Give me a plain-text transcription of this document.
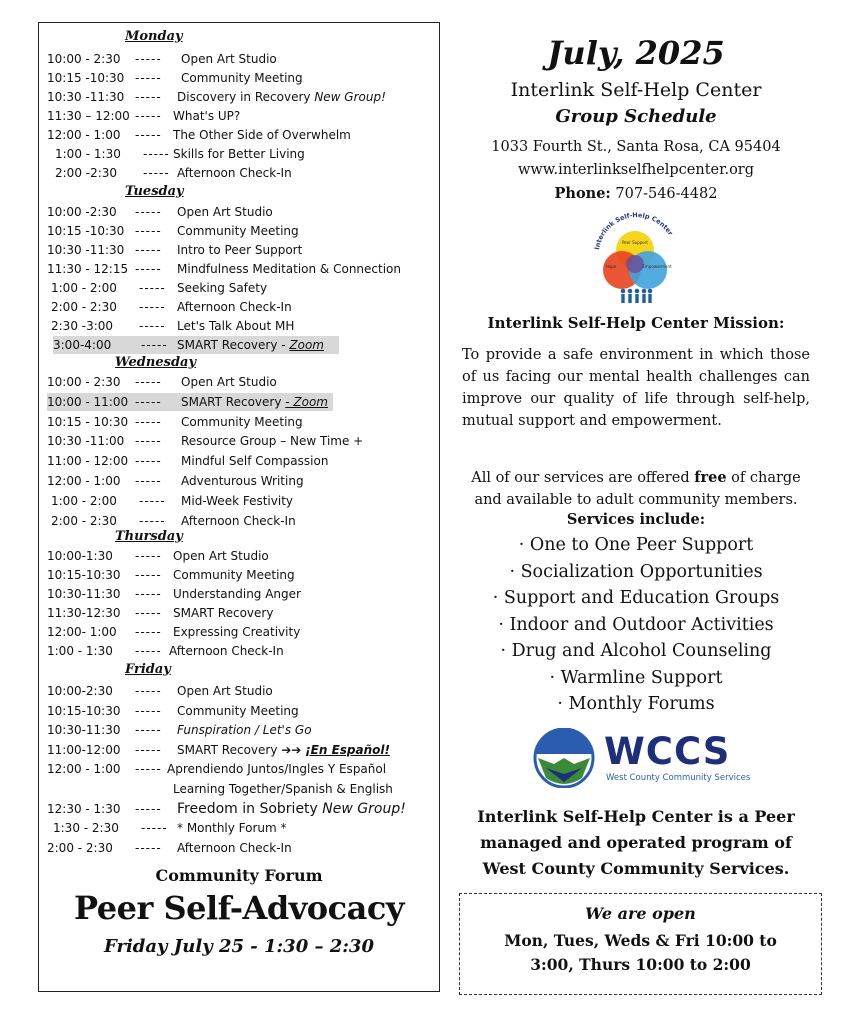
Monday
10:00 - 2:30 ----- Open Art Studio
10:15 -10:30 ----- Community Meeting
10:30 -11:30 ----- Discovery in Recovery New Group!
11:30 – 12:00 ----- What's UP?
12:00 - 1:00 ----- The Other Side of Overwhelm
1:00 - 1:30 ----- Skills for Better Living
2:00 -2:30 ----- Afternoon Check-In
Tuesday
10:00 -2:30 ----- Open Art Studio
10:15 -10:30 ----- Community Meeting
10:30 -11:30 ----- Intro to Peer Support
11:30 - 12:15 ----- Mindfulness Meditation & Connection
1:00 - 2:00 ----- Seeking Safety
2:00 - 2:30 ----- Afternoon Check-In
2:30 -3:00 ----- Let's Talk About MH
3:00-4:00 ----- SMART Recovery - Zoom
Wednesday
10:00 - 2:30 ----- Open Art Studio
10:00 - 11:00 ----- SMART Recovery - Zoom
10:15 - 10:30 ----- Community Meeting
10:30 -11:00 ----- Resource Group – New Time +
11:00 - 12:00 ----- Mindful Self Compassion
12:00 - 1:00 ----- Adventurous Writing
1:00 - 2:00 ----- Mid-Week Festivity
2:00 - 2:30 ----- Afternoon Check-In
Thursday
10:00-1:30 ----- Open Art Studio
10:15-10:30 ----- Community Meeting
10:30-11:30 ----- Understanding Anger
11:30-12:30 ----- SMART Recovery
12:00- 1:00 ----- Expressing Creativity
1:00 - 1:30 ----- Afternoon Check-In
Friday
10:00-2:30 ----- Open Art Studio
10:15-10:30 ----- Community Meeting
10:30-11:30 ----- Funspiration / Let's Go
11:00-12:00 ----- SMART Recovery ➔➔ ¡En Español!
12:00 - 1:00 ----- Aprendiendo Juntos/Ingles Y Español
Learning Together/Spanish & English
12:30 - 1:30 ----- Freedom in Sobriety New Group!
1:30 - 2:30 ----- * Monthly Forum *
2:00 - 2:30 ----- Afternoon Check-In
Community Forum
Peer Self-Advocacy
Friday July 25 - 1:30 – 2:30
July, 2025
Interlink Self-Help Center
Group Schedule
1033 Fourth St., Santa Rosa, CA 95404
www.interlinkselfhelpcenter.org
Phone: 707-546-4482
Interlink Self-Help Center
Peer Support
Hope	Empowerment
Interlink Self-Help Center Mission:
To provide a safe environment in which those of us facing our mental health challenges can improve our quality of life through self-help, mutual support and empowerment.
All of our services are offered free of charge and available to adult community members.
Services include:
· One to One Peer Support
· Socialization Opportunities
· Support and Education Groups
· Indoor and Outdoor Activities
· Drug and Alcohol Counseling
· Warmline Support
· Monthly Forums
WCCS
West County Community Services
Interlink Self-Help Center is a Peer managed and operated program of West County Community Services.
We are open
Mon, Tues, Weds & Fri 10:00 to
3:00, Thurs 10:00 to 2:00
